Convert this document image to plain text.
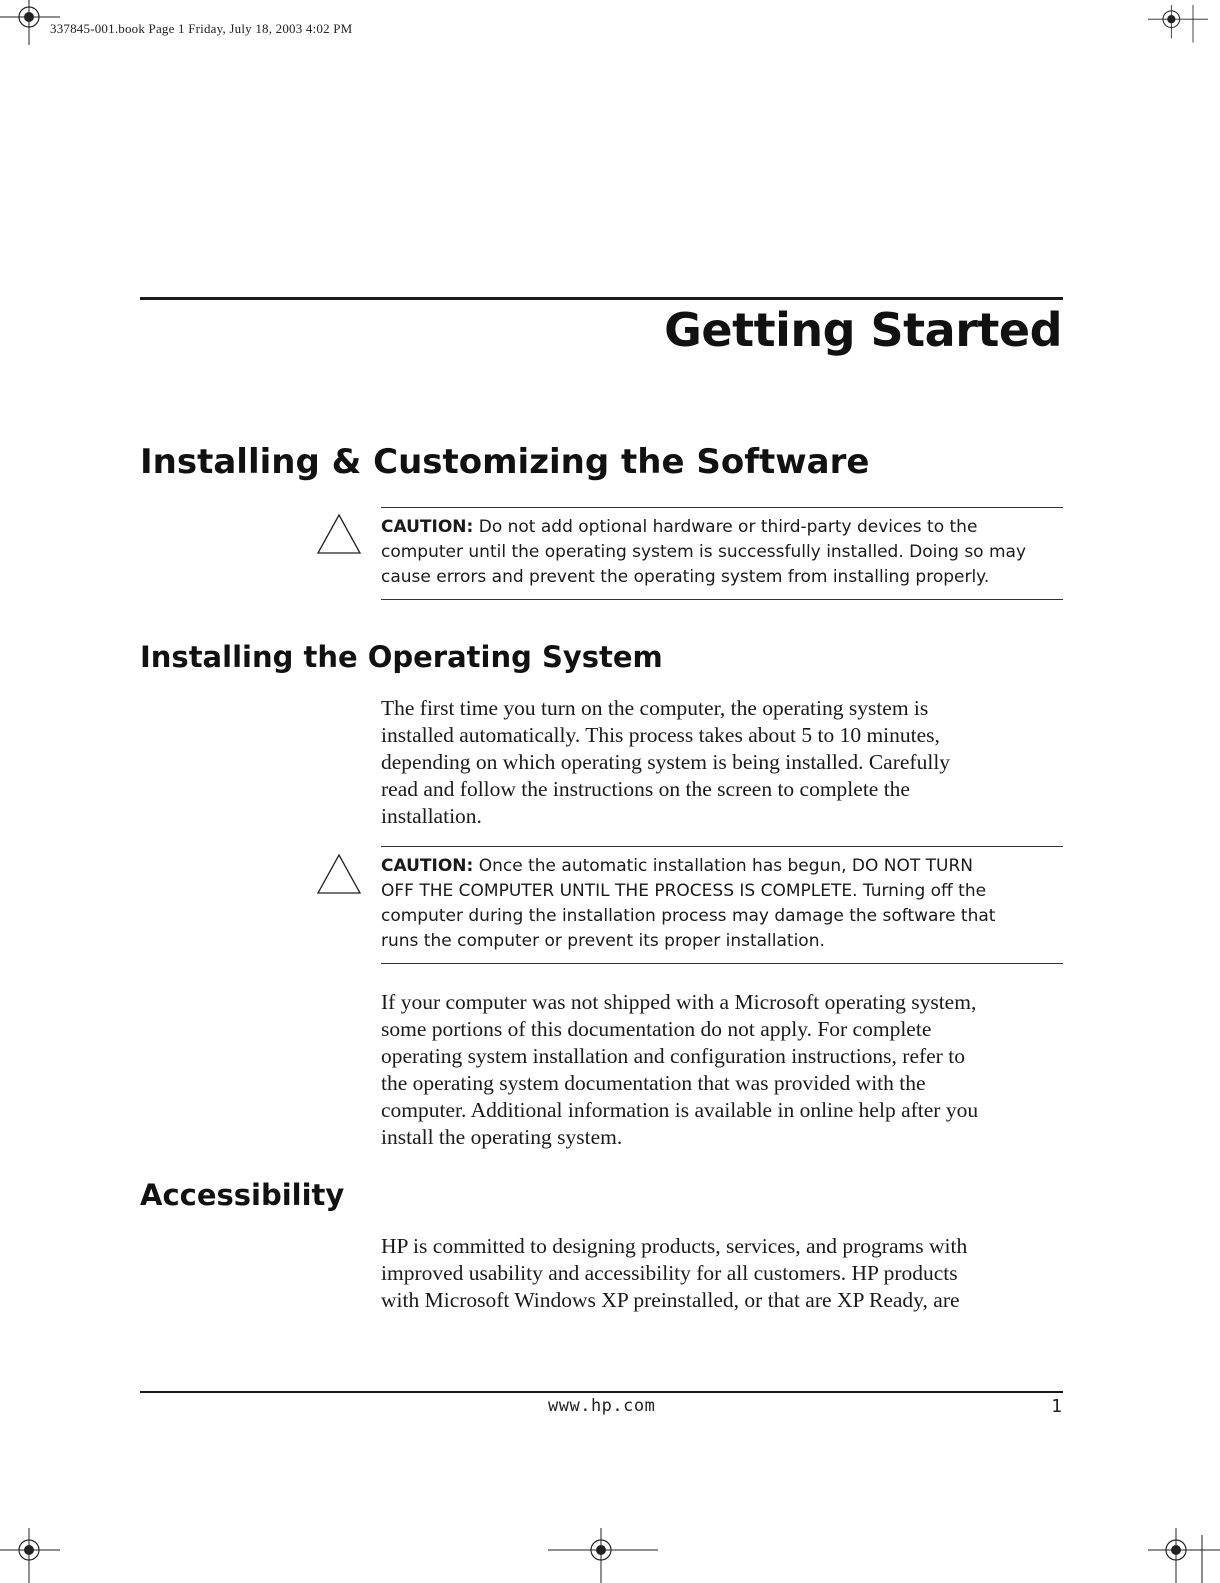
337845-001.book Page 1 Friday, July 18, 2003 4:02 PM
Getting Started
Installing & Customizing the Software
CAUTION: Do not add optional hardware or third-party devices to the
computer until the operating system is successfully installed. Doing so may
cause errors and prevent the operating system from installing properly.
Installing the Operating System
The first time you turn on the computer, the operating system is
installed automatically. This process takes about 5 to 10 minutes,
depending on which operating system is being installed. Carefully
read and follow the instructions on the screen to complete the
installation.
CAUTION: Once the automatic installation has begun, DO NOT TURN
OFF THE COMPUTER UNTIL THE PROCESS IS COMPLETE. Turning off the
computer during the installation process may damage the software that
runs the computer or prevent its proper installation.
If your computer was not shipped with a Microsoft operating system,
some portions of this documentation do not apply. For complete
operating system installation and configuration instructions, refer to
the operating system documentation that was provided with the
computer. Additional information is available in online help after you
install the operating system.
Accessibility
HP is committed to designing products, services, and programs with
improved usability and accessibility for all customers. HP products
with Microsoft Windows XP preinstalled, or that are XP Ready, are
www.hp.com	1
